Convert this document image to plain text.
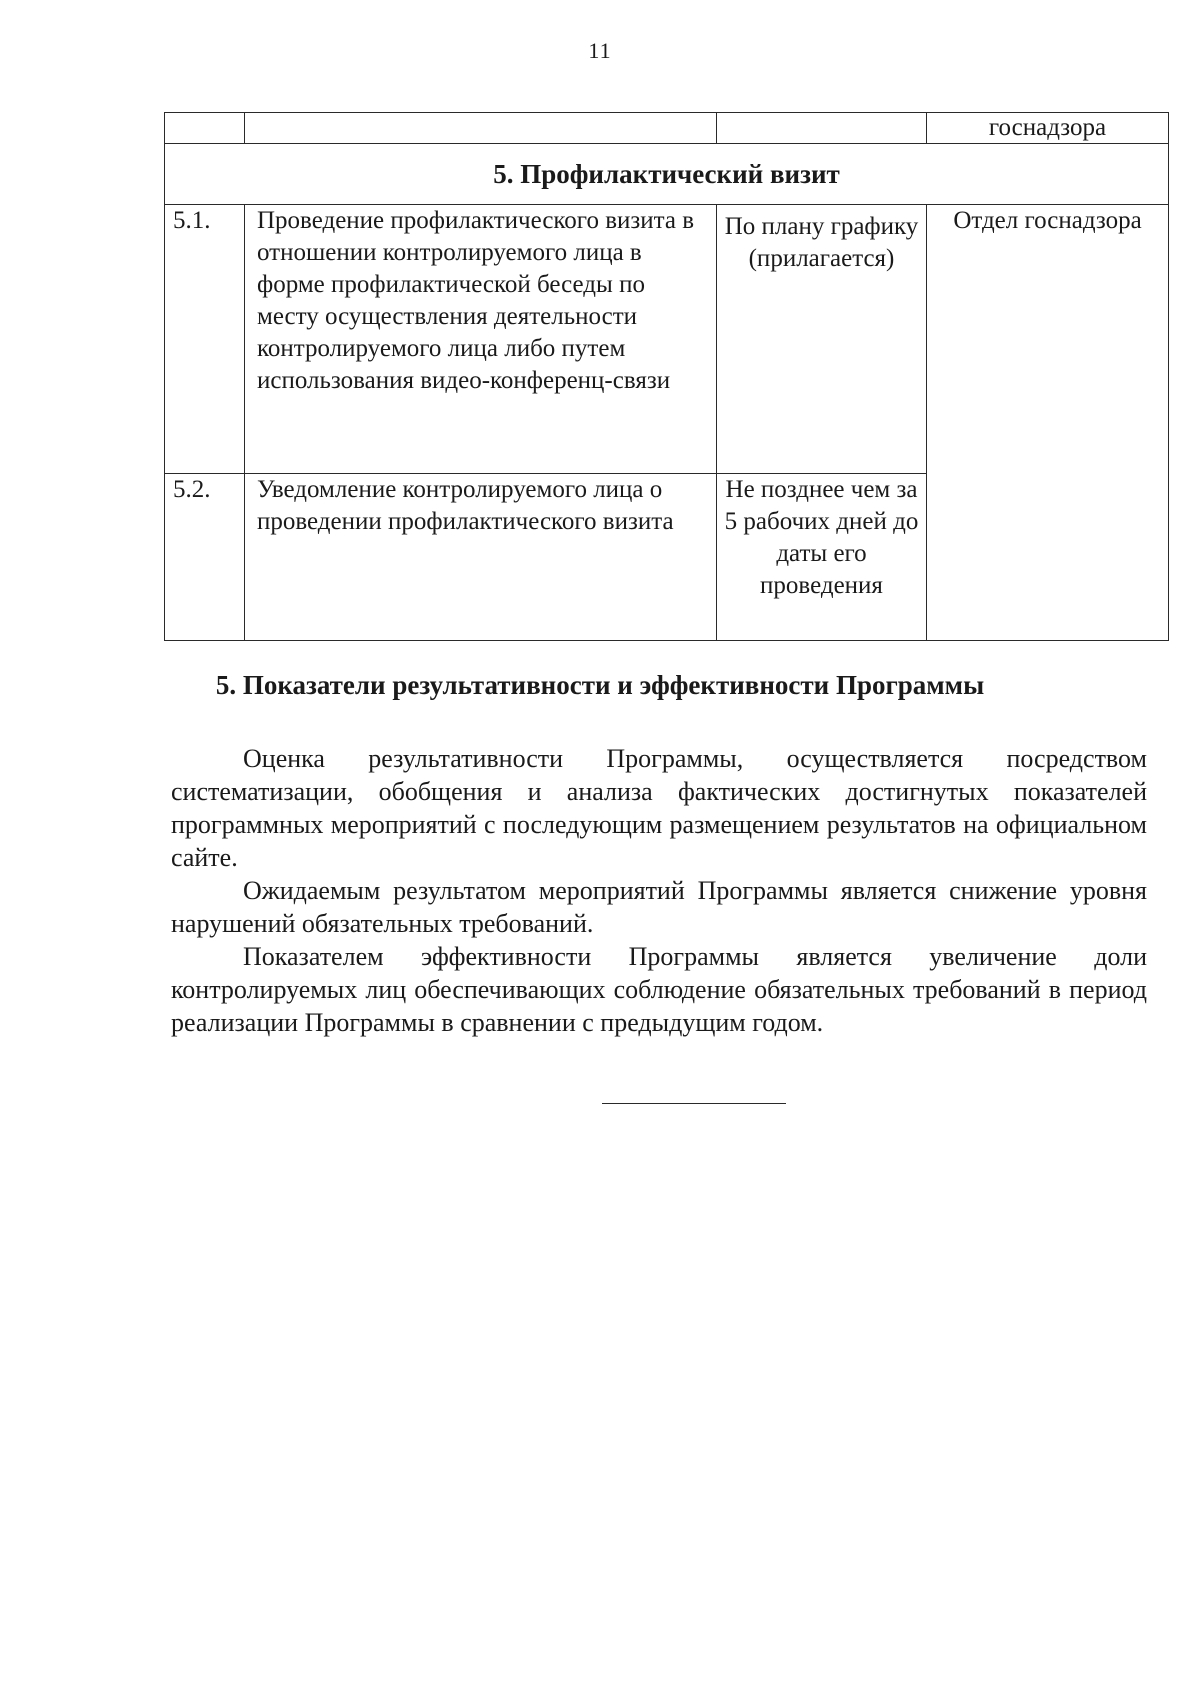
11
			госнадзора
5. Профилактический визит			
5.1.	Проведение профилактического визита в отношении контролируемого лица в форме профилактической беседы по месту осуществления деятельности контролируемого лица либо путем использования видео-конференц-связи	По плану графику (прилагается)	Отдел госнадзора
5.2.	Уведомление контролируемого лица о проведении профилактического визита	Не позднее чем за 5 рабочих дней до даты его проведения	
5. Показатели результативности и эффективности Программы

Оценка результативности Программы, осуществляется посредством систематизации, обобщения и анализа фактических достигнутых показателей программных мероприятий с последующим размещением результатов на официальном сайте.

Ожидаемым результатом мероприятий Программы является снижение уровня нарушений обязательных требований.

Показателем эффективности Программы является увеличение доли контролируемых лиц обеспечивающих соблюдение обязательных требований в период реализации Программы в сравнении с предыдущим годом.
